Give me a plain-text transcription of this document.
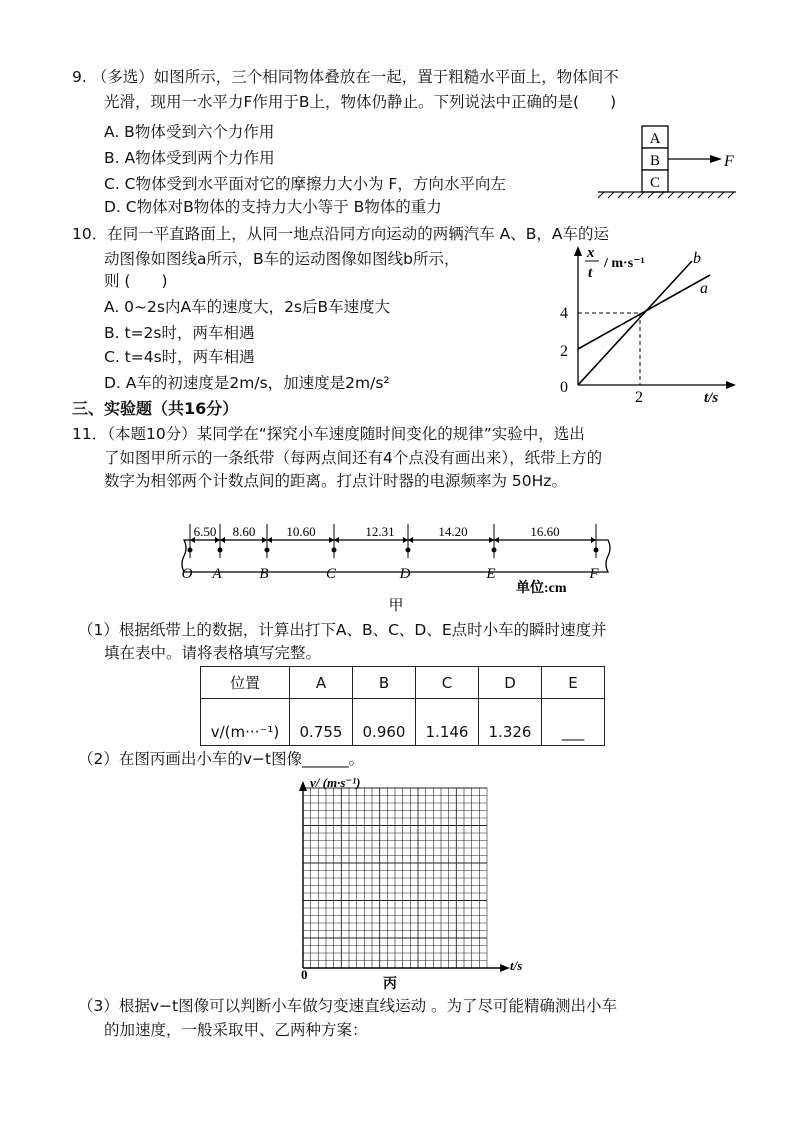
9. （多选）如图所示，三个相同物体叠放在一起，置于粗糙水平面上，物体间不
光滑，现用一水平力F作用于B上，物体仍静止。下列说法中正确的是(　　)
A. B物体受到六个力作用
B. A物体受到两个力作用
C. C物体受到水平面对它的摩擦力大小为 F，方向水平向左
D. C物体对B物体的支持力大小等于 B物体的重力
A
B
C
F
10．在同一平直路面上，从同一地点沿同方向运动的两辆汽车 A、B，A车的运
动图像如图线a所示，B车的运动图像如图线b所示，
则 (　　)
A. 0~2s内A车的速度大，2s后B车速度大
B. t=2s时，两车相遇
C. t=4s时，两车相遇
D. A车的初速度是2m/s，加速度是2m/s²
x
t
/ m·s⁻¹
4
2
0
2	t/s
a
b
三、实验题（共16分）
11．（本题10分）某同学在“探究小车速度随时间变化的规律”实验中，选出
了如图甲所示的一条纸带（每两点间还有4个点没有画出来），纸带上方的
数字为相邻两个计数点间的距离。打点计时器的电源频率为 50Hz。
6.50 8.60 10.60	12.31	14.20	16.60
O A	B	C	D	E	F
单位:cm
甲
（1）根据纸带上的数据，计算出打下A、B、C、D、E点时小车的瞬时速度并
填在表中。请将表格填写完整。
位置	A	B	C	D	E
v/(m···⁻¹)	0.755	0.960	1.146	1.326	___
（2）在图丙画出小车的v−t图像______。
v/ (m·s⁻¹)
t/s
0
丙
（3）根据v−t图像可以判断小车做匀变速直线运动 。为了尽可能精确测出小车
的加速度，一般采取甲、乙两种方案：
